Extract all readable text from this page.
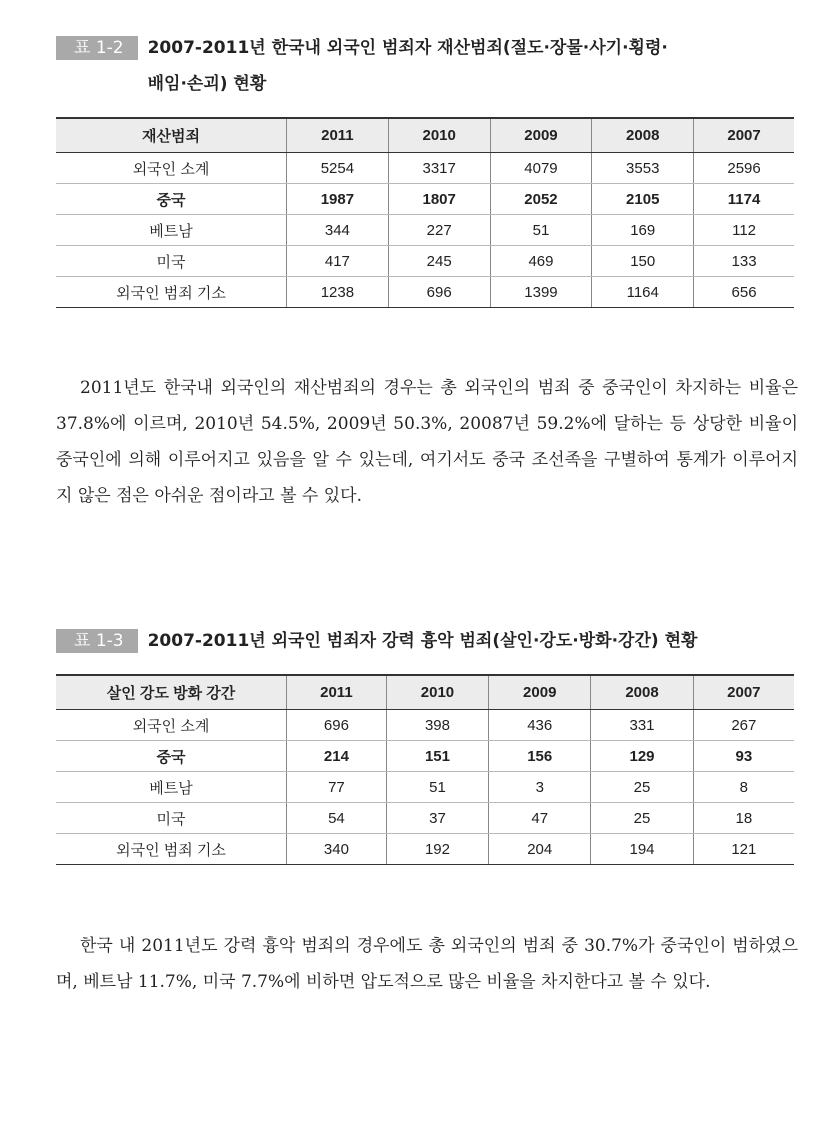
표 1-2	2007-2011년 한국내 외국인 범죄자 재산범죄(절도·장물·사기·횡령·
배임·손괴) 현황
재산범죄	2011	2010	2009	2008	2007
외국인 소계	5254	3317	4079	3553	2596
중국	1987	1807	2052	2105	1174
베트남	344	227	51	169	112
미국	417	245	469	150	133
외국인 범죄 기소	1238	696	1399	1164	656
2011년도 한국내 외국인의 재산범죄의 경우는 총 외국인의 범죄 중 중국인이 차지하는 비율은 37.8%에 이르며, 2010년 54.5%, 2009년 50.3%, 20087년 59.2%에 달하는 등 상당한 비율이 중국인에 의해 이루어지고 있음을 알 수 있는데, 여기서도 중국 조선족을 구별하여 통계가 이루어지지 않은 점은 아쉬운 점이라고 볼 수 있다.
표 1-3	2007-2011년 외국인 범죄자 강력 흉악 범죄(살인·강도·방화·강간) 현황
살인 강도 방화 강간	2011	2010	2009	2008	2007
외국인 소계	696	398	436	331	267
중국	214	151	156	129	93
베트남	77	51	3	25	8
미국	54	37	47	25	18
외국인 범죄 기소	340	192	204	194	121
한국 내 2011년도 강력 흉악 범죄의 경우에도 총 외국인의 범죄 중 30.7%가 중국인이 범하였으며, 베트남 11.7%, 미국 7.7%에 비하면 압도적으로 많은 비율을 차지한다고 볼 수 있다.
